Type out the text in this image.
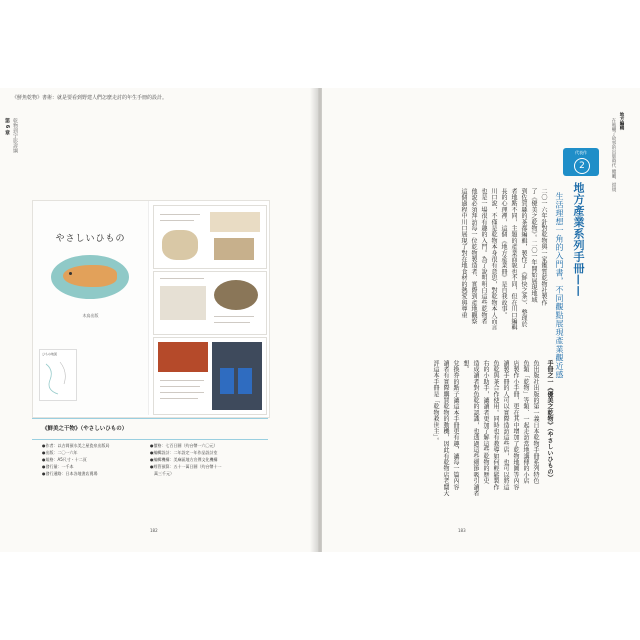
《鮮魚乾物》書術：就是要看到野建人們怎麼走討的年生手冊的設計。
第 6 章 乾物到宇影壽綱
やさしいひもの
木鳥出版
ひもの地図
《鮮美之干物》（やさしいひもの）
●作者：以吉岡預水美之屋瓷泉出版局
●出版：二〇一六年
●規格：A5尺寸・十二頁
●發行量：一千本
●發行通路：日本各地書店賣場
●價格：七百日圓（約台幣一六〇元）
●編輯設計：二年設定一年作品設計室
●編輯機構：美麻區地方宣傳文化機構
●經管預算：五十一萬日圓（約台幣十一
　萬三千元）
182
地方編輯
在地喇了故事的出版時代 總屬、紺規
代表作
2
地方產業系列手冊——
生活理想一角的入門書，不同觀點展現產業觀近感
二〇一六年針對乾物與一家鑑質乾物社製作
了《優美之乾物》。二〇一年開始展現地域
到佐賀縣的茶都編輯，製作了《鮮快之茶》、整理於
者地點不同，主題的產業面貌也不同，但在川口編輯
長的心理裡，這個《地方產業冊》是自我故事。
川口說，不僅是乾物本身很有意思，對乾物本人而言
也是一場很有趣的入門。為了說明明白這些乾物者
他說必須拜訪每一位乾物製造者、實際到產地觀察
這個過程中川口展現了對在地食材的熱愛與尊重
手冊之一《優美之乾物》（やさしいひもの）
魚出版社出版的第一義日本乾物手冊系列特色
魚類「乾物」等類、一起走訪當地講傳的小店
店製作小手冊，更在其中增加了乾物地圖等內容
讀製手冊的人可以實際造訪這些店，也可以將這
魚乾與茶合作使用。同時也有教導如何輕鬆製作
右的小助手，讓讀者更加了解這些乾物的歷史
造成讀者對魚乾的認識，也透過這些細節吸引讀者
想。
兌換券的點子讓這本手冊更有趣，讓每一篇內容
讀者有實際購買乾物的動機，因此有乾物店老闆大
評這本手冊是「乾物救世主」。
183
